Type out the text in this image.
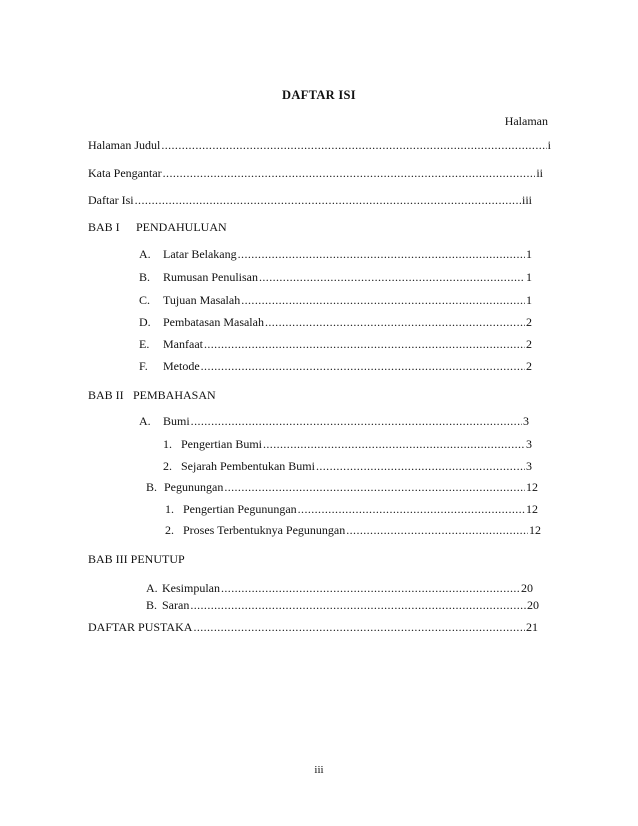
DAFTAR ISI
Halaman
Halaman Judul .....	i
Kata Pengantar .....	ii
Daftar Isi .....	iii
BAB I PENDAHULUAN
A.	Latar Belakang .....	1
B.	Rumusan Penulisan .....	1
C.	Tujuan Masalah .....	1
D.	Pembatasan Masalah .....	2
E.	Manfaat .....	2
F.	Metode .....	2
BAB II PEMBAHASAN
A.	Bumi .....	3
1. Pengertian Bumi .....	3
2. Sejarah Pembentukan Bumi .....	3
B. Pegunungan .....	12
1. Pengertian Pegunungan .....	12
2. Proses Terbentuknya Pegunungan .....	12
BAB III PENUTUP
A. Kesimpulan .....	20
B. Saran .....	20
DAFTAR PUSTAKA .....	21
iii
